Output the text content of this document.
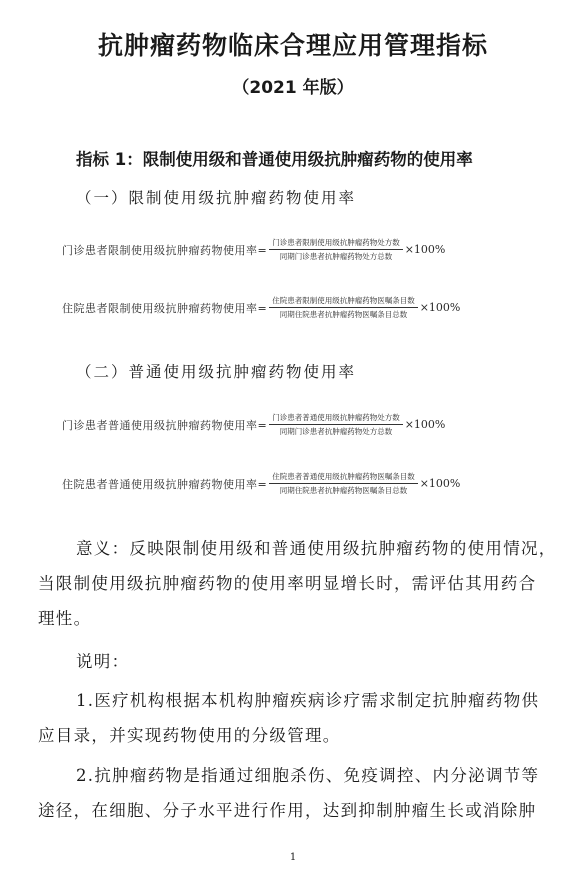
抗肿瘤药物临床合理应用管理指标
（2021 年版）
指标 1：限制使用级和普通使用级抗肿瘤药物的使用率
（一）限制使用级抗肿瘤药物使用率
门诊患者限制使用级抗肿瘤药物使用率= $\frac{\text{门诊患者限制使用级抗肿瘤药物处方数}}{\text{同期门诊患者抗肿瘤药物处方总数}} \times 100\%$
住院患者限制使用级抗肿瘤药物使用率= $\frac{\text{住院患者限制使用级抗肿瘤药物医嘱条目数}}{\text{同期住院患者抗肿瘤药物医嘱条目总数}} \times 100\%$
（二）普通使用级抗肿瘤药物使用率
门诊患者普通使用级抗肿瘤药物使用率= $\frac{\text{门诊患者普通使用级抗肿瘤药物处方数}}{\text{同期门诊患者抗肿瘤药物处方总数}} \times 100\%$
住院患者普通使用级抗肿瘤药物使用率= $\frac{\text{住院患者普通使用级抗肿瘤药物医嘱条目数}}{\text{同期住院患者抗肿瘤药物医嘱条目总数}} \times 100\%$
意义：反映限制使用级和普通使用级抗肿瘤药物的使用情况，
当限制使用级抗肿瘤药物的使用率明显增长时，需评估其用药合
理性。
说明：
1.医疗机构根据本机构肿瘤疾病诊疗需求制定抗肿瘤药物供
应目录，并实现药物使用的分级管理。
2.抗肿瘤药物是指通过细胞杀伤、免疫调控、内分泌调节等
途径，在细胞、分子水平进行作用，达到抑制肿瘤生长或消除肿
1
